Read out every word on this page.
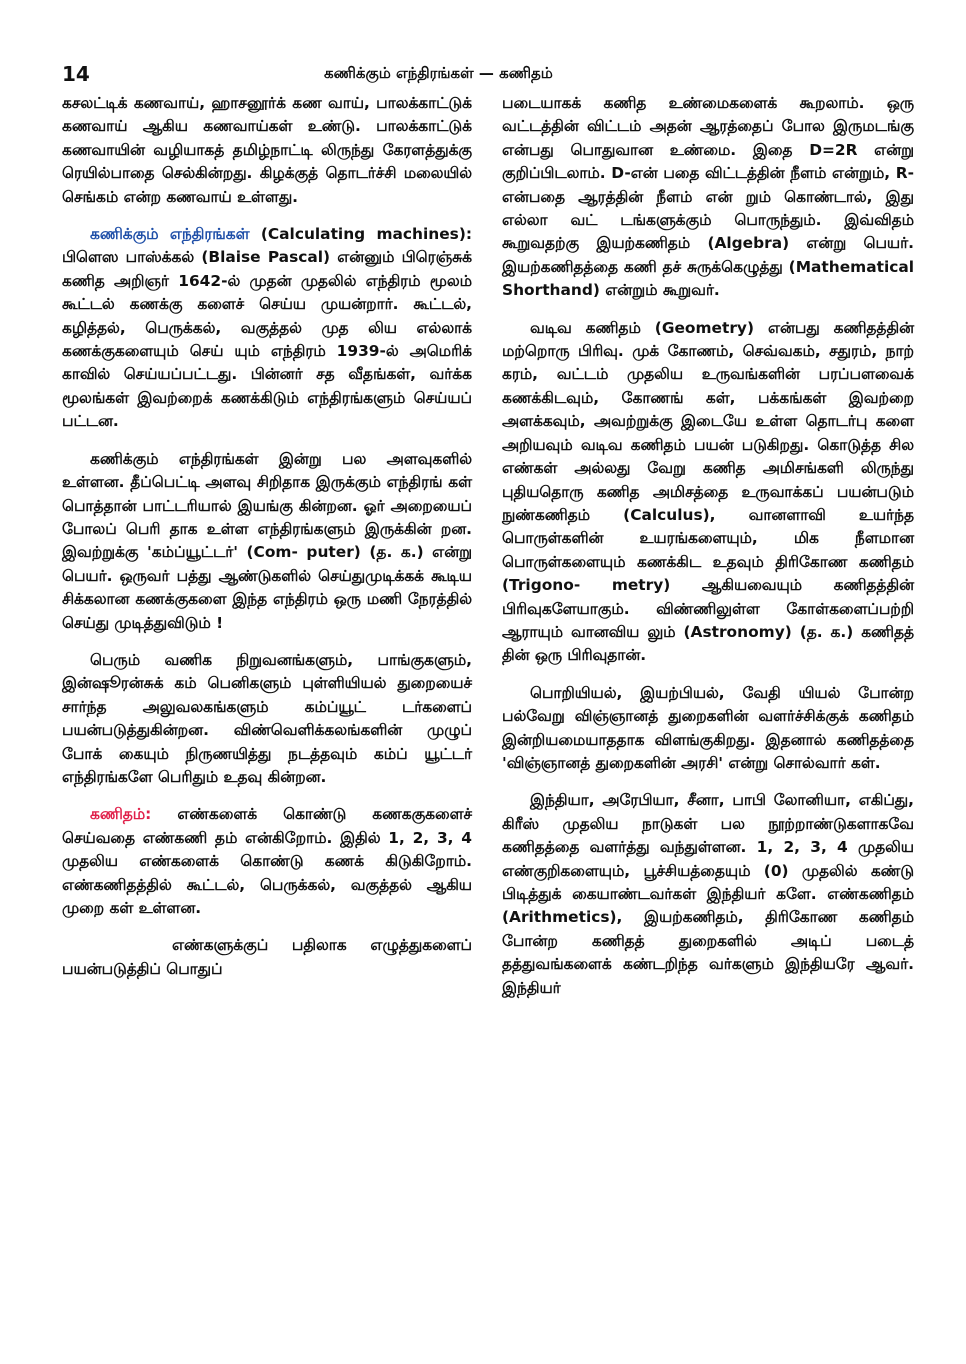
14	கணிக்கும் எந்திரங்கள் — கணிதம்

கசலட்டிக் கணவாய், ஹாசனூர்க் கண வாய், பாலக்காட்டுக் கணவாய் ஆகிய கணவாய்கள் உண்டு. பாலக்காட்டுக் கணவாயின் வழியாகத் தமிழ்நாட்டி லிருந்து கேரளத்துக்கு ரெயில்பாதை செல்கின்றது. கிழக்குத் தொடர்ச்சி மலையில் செங்கம் என்ற கணவாய் உள்ளது.

கணிக்கும் எந்திரங்கள் (Calculating machines): பிளெஸ பாஸ்க்கல் (Blaise Pascal) என்னும் பிரெஞ்சுக் கணித அறிஞர் 1642-ல் முதன் முதலில் எந்திரம் மூலம் கூட்டல் கணக்கு களைச் செய்ய முயன்றார். கூட்டல், கழித்தல், பெருக்கல், வகுத்தல் முத லிய எல்லாக் கணக்குகளையும் செய் யும் எந்திரம் 1939-ல் அமெரிக் காவில் செய்யப்பட்டது. பின்னர் சத வீதங்கள், வர்க்க மூலங்கள் இவற்றைக் கணக்கிடும் எந்திரங்களும் செய்யப் பட்டன.

கணிக்கும் எந்திரங்கள் இன்று பல அளவுகளில் உள்ளன. தீப்பெட்டி அளவு சிறிதாக இருக்கும் எந்திரங் கள் பொத்தான் பாட்டரியால் இயங்கு கின்றன. ஓர் அறையைப் போலப் பெரி தாக உள்ள எந்திரங்களும் இருக்கின் றன. இவற்றுக்கு 'கம்ப்யூட்டர்' (Com- puter) (த. க.) என்று பெயர். ஒருவர் பத்து ஆண்டுகளில் செய்துமுடிக்கக் கூடிய சிக்கலான கணக்குகளை இந்த எந்திரம் ஒரு மணி நேரத்தில் செய்து முடித்துவிடும் !

பெரும் வணிக நிறுவனங்களும், பாங்குகளும், இன்ஷூரன்சுக் கம் பெனிகளும் புள்ளியியல் துறையைச் சார்ந்த அலுவலகங்களும் கம்ப்யூட் டர்களைப் பயன்படுத்துகின்றன. விண்வெளிக்கலங்களின் முழுப் போக் கையும் நிருணயித்து நடத்தவும் கம்ப் யூட்டர் எந்திரங்களே பெரிதும் உதவு கின்றன.

கணிதம்: எண்களைக் கொண்டு கணககுகளைச் செய்வதை எண்கணி தம் என்கிறோம். இதில் 1, 2, 3, 4 முதலிய எண்களைக் கொண்டு கணக் கிடுகிறோம். எண்கணிதத்தில் கூட்டல், பெருக்கல், வகுத்தல் ஆகிய முறை கள் உள்ளன.

எண்களுக்குப் பதிலாக எழுத்துகளைப் பயன்படுத்திப் பொதுப்

படையாகக் கணித உண்மைகளைக் கூறலாம். ஒரு வட்டத்தின் விட்டம் அதன் ஆரத்தைப் போல இருமடங்கு என்பது பொதுவான உண்மை. இதை D=2R என்று குறிப்பிடலாம். D-என் பதை விட்டத்தின் நீளம் என்றும், R-என்பதை ஆரத்தின் நீளம் என் றும் கொண்டால், இது எல்லா வட் டங்களுக்கும் பொருந்தும். இவ்விதம் கூறுவதற்கு இயற்கணிதம் (Algebra) என்று பெயர். இயற்கணிதத்தை கணி தச் சுருக்கெழுத்து (Mathematical Shorthand) என்றும் கூறுவர்.

வடிவ கணிதம் (Geometry) என்பது கணிதத்தின் மற்றொரு பிரிவு. முக் கோணம், செவ்வகம், சதுரம், நாற் கரம், வட்டம் முதலிய உருவங்களின் பரப்பளவைக் கணக்கிடவும், கோணங் கள், பக்கங்கள் இவற்றை அளக்கவும், அவற்றுக்கு இடையே உள்ள தொடர்பு களை அறியவும் வடிவ கணிதம் பயன் படுகிறது. கொடுத்த சில எண்கள் அல்லது வேறு கணித அமிசங்களி லிருந்து புதியதொரு கணித அமிசத்தை உருவாக்கப் பயன்படும் நுண்கணிதம் (Calculus), வானளாவி உயர்ந்த பொருள்களின் உயரங்களையும், மிக நீளமான பொருள்களையும் கணக்கிட உதவும் திரிகோண கணிதம் (Trigono- metry) ஆகியவையும் கணிதத்தின் பிரிவுகளேயாகும். விண்ணிலுள்ள கோள்களைப்பற்றி ஆராயும் வானவிய லும் (Astronomy) (த. க.) கணிதத் தின் ஒரு பிரிவுதான்.

பொறியியல், இயற்பியல், வேதி யியல் போன்ற பல்வேறு விஞ்ஞானத் துறைகளின் வளர்ச்சிக்குக் கணிதம் இன்றியமையாததாக விளங்குகிறது. இதனால் கணிதத்தை 'விஞ்ஞானத் துறைகளின் அரசி' என்று சொல்வார் கள்.

இந்தியா, அரேபியா, சீனா, பாபி லோனியா, எகிப்து, கிரீஸ் முதலிய நாடுகள் பல நூற்றாண்டுகளாகவே கணிதத்தை வளர்த்து வந்துள்ளன. 1, 2, 3, 4 முதலிய எண்குறிகளையும், பூச்சியத்தையும் (0) முதலில் கண்டு பிடித்துக் கையாண்டவர்கள் இந்தியர் களே. எண்கணிதம் (Arithmetics), இயற்கணிதம், திரிகோண கணிதம் போன்ற கணிதத் துறைகளில் அடிப் படைத் தத்துவங்களைக் கண்டறிந்த வர்களும் இந்தியரே ஆவர். இந்தியர்
